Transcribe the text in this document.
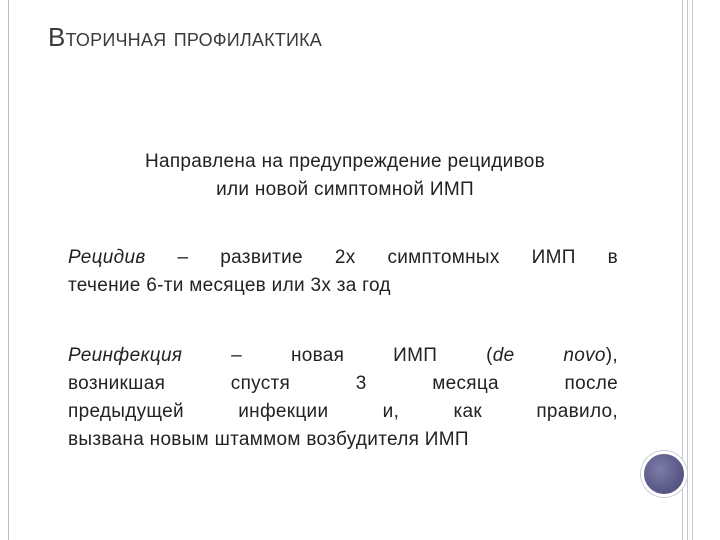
Вторичная профилактика

Направлена на предупреждение рецидивов
или новой симптомной ИМП

Рецидив – развитие 2х симптомных ИМП в
течение 6-ти месяцев или 3х за год

Реинфекция – новая ИМП (de	novo),
возникшая спустя 3 месяца после
предыдущей инфекции и, как правило,
вызвана новым штаммом возбудителя ИМП
